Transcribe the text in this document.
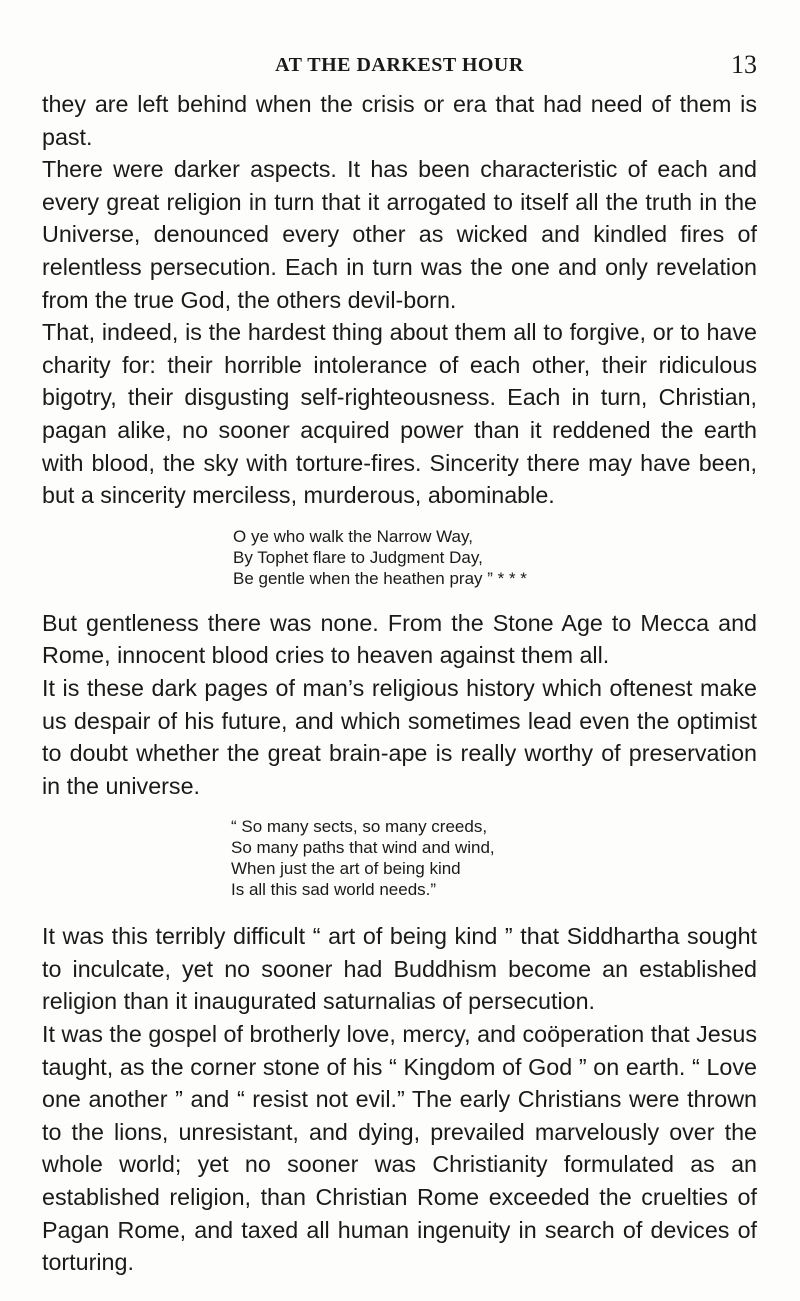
AT THE DARKEST HOUR	13

they are left behind when the crisis or era that had need of them is past.

There were darker aspects. It has been characteristic of each and every great religion in turn that it arrogated to itself all the truth in the Universe, denounced every other as wicked and kindled fires of relentless persecution. Each in turn was the one and only revelation from the true God, the others devil-born.

That, indeed, is the hardest thing about them all to forgive, or to have charity for: their horrible intolerance of each other, their ridiculous bigotry, their disgusting self-righteousness. Each in turn, Christian, pagan alike, no sooner acquired power than it reddened the earth with blood, the sky with torture-fires. Sincerity there may have been, but a sincerity merciless, murderous, abominable.

O ye who walk the Narrow Way,
By Tophet flare to Judgment Day,
Be gentle when the heathen pray ” * * *

But gentleness there was none. From the Stone Age to Mecca and Rome, innocent blood cries to heaven against them all.

It is these dark pages of man’s religious history which oftenest make us despair of his future, and which sometimes lead even the optimist to doubt whether the great brain-ape is really worthy of preservation in the universe.

“ So many sects, so many creeds,
So many paths that wind and wind,
When just the art of being kind
Is all this sad world needs.”

It was this terribly difficult “ art of being kind ” that Siddhartha sought to inculcate, yet no sooner had Buddhism become an established religion than it inaugurated saturnalias of persecution.

It was the gospel of brotherly love, mercy, and coöperation that Jesus taught, as the corner stone of his “ Kingdom of God ” on earth. “ Love one another ” and “ resist not evil.” The early Christians were thrown to the lions, unresistant, and dying, prevailed marvelously over the whole world; yet no sooner was Christianity formulated as an established religion, than Christian Rome exceeded the cruelties of Pagan Rome, and taxed all human ingenuity in search of devices of torturing.
